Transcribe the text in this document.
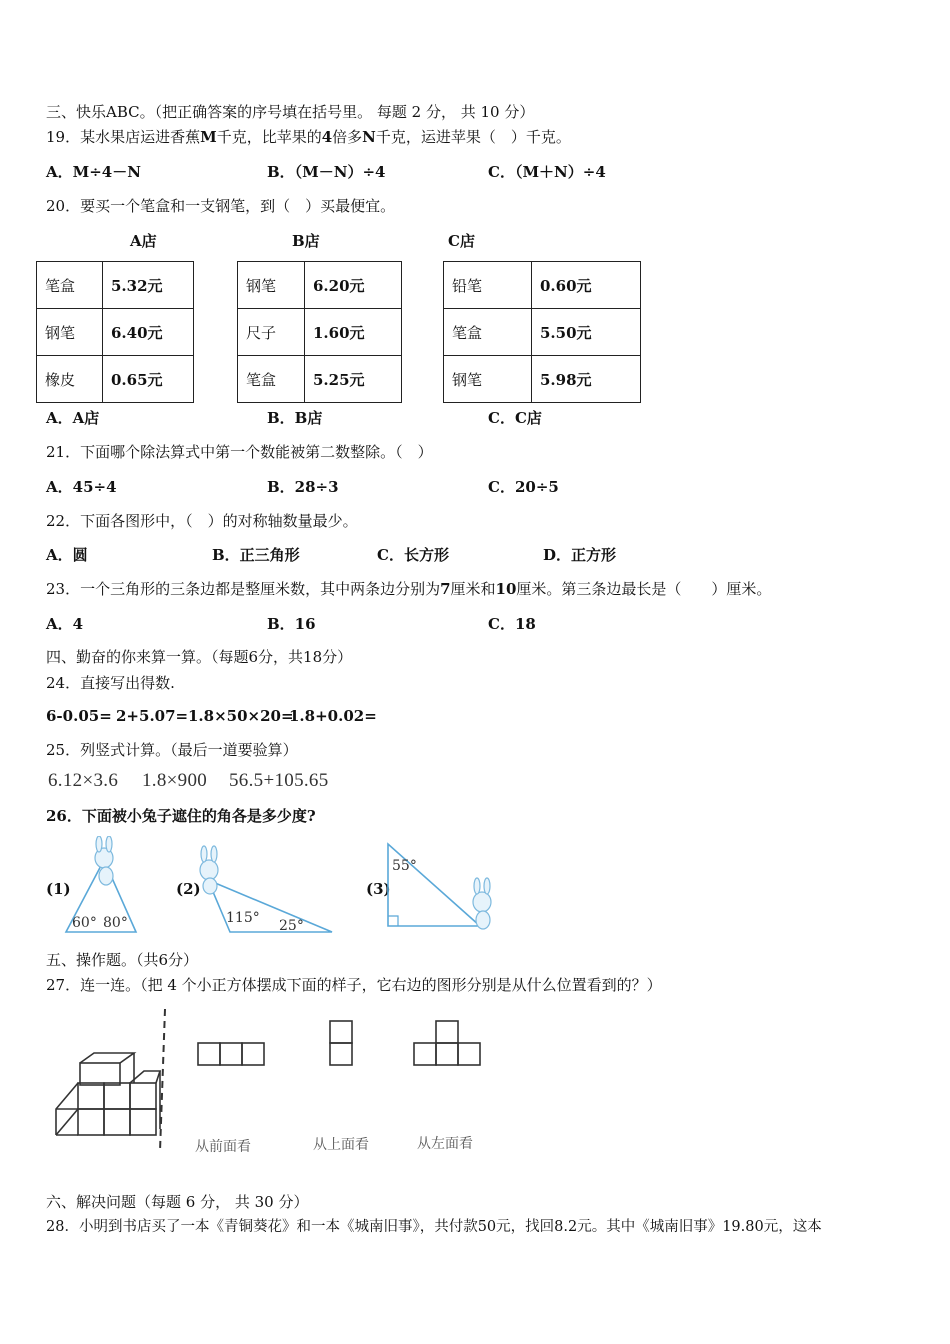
三、快乐ABC。（把正确答案的序号填在括号里。 每题 2 分， 共 10 分）
19．某水果店运进香蕉M千克，比苹果的4倍多N千克，运进苹果（　）千克。
A．M÷4－N	B．（M－N）÷4	C．（M＋N）÷4
20．要买一个笔盒和一支钢笔，到（　）买最便宜。
A店	B店	C店
笔盒	5.32元
钢笔	6.40元
橡皮	0.65元
钢笔	6.20元
尺子	1.60元
笔盒	5.25元
铅笔	0.60元
笔盒	5.50元
钢笔	5.98元
A．A店	B．B店	C．C店
21．下面哪个除法算式中第一个数能被第二数整除。（　）
A．45÷4	B．28÷3	C．20÷5
22．下面各图形中，（　）的对称轴数量最少。
A．圆	B．正三角形	C．长方形	D．正方形
23．一个三角形的三条边都是整厘米数，其中两条边分别为7厘米和10厘米。第三条边最长是（　　）厘米。
A．4	B．16	C．18
四、勤奋的你来算一算。（每题6分，共18分）
24．直接写出得数.
6-0.05= 2+5.07= 1.8×50×20=
1.8+0.02=
25．列竖式计算。（最后一道要验算）
6.12×3.6 1.8×900 56.5+105.65
26．下面被小兔子遮住的角各是多少度?
(1)
60° 80°
(2)
115° 25°
(3)
55°
五、操作题。（共6分）
27．连一连。（把 4 个小正方体摆成下面的样子，它右边的图形分别是从什么位置看到的？）
从前面看	从上面看	从左面看
六、解决问题（每题 6 分， 共 30 分）
28．小明到书店买了一本《青铜葵花》和一本《城南旧事》，共付款50元，找回8.2元。其中《城南旧事》19.80元，这本
